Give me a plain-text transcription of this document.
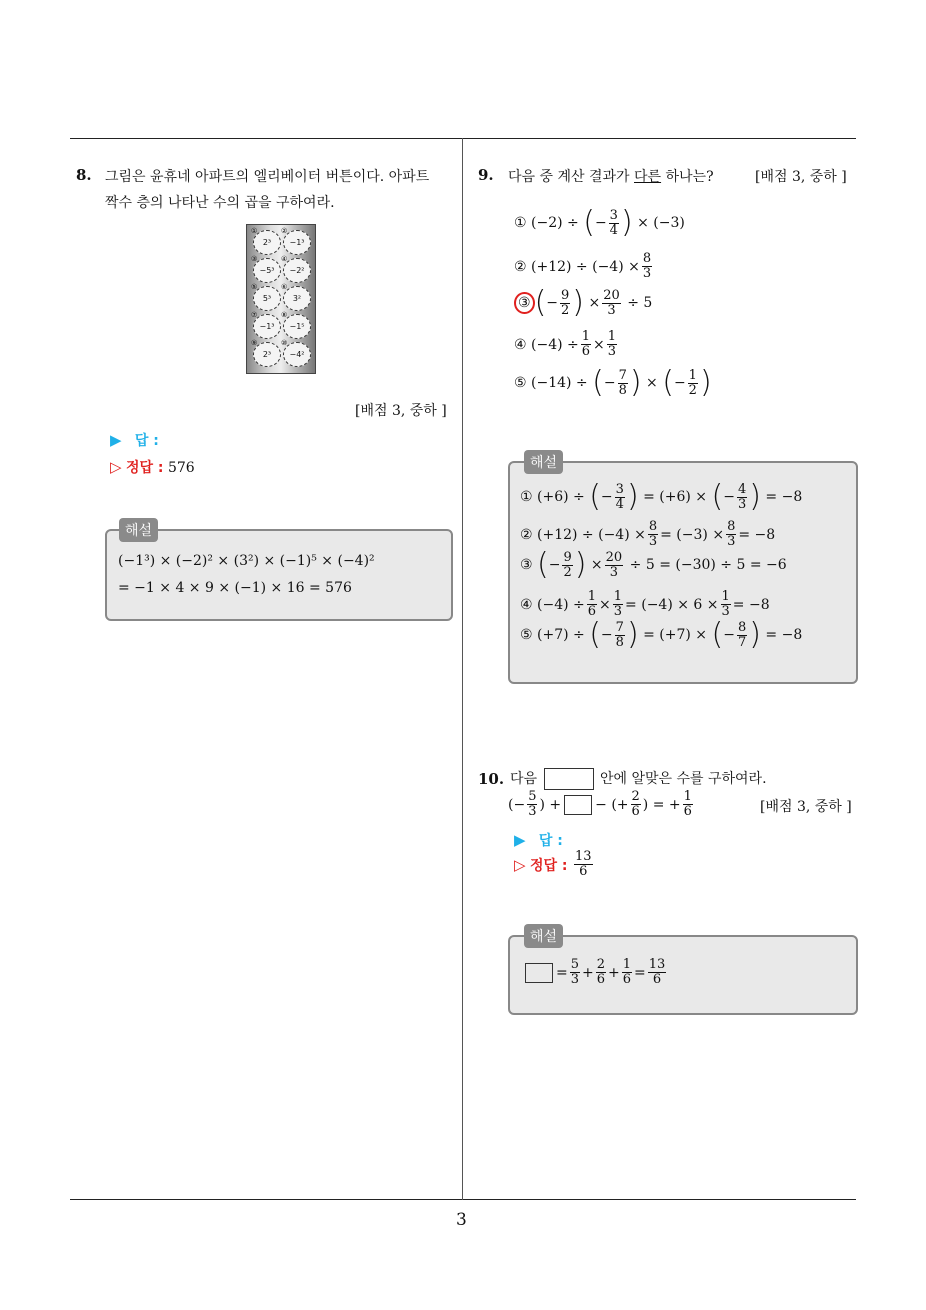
3
8. 그림은 윤휴네 아파트의 엘리베이터 버튼이다. 아파트
짝수 층의 나타난 수의 곱을 구하여라.
2³ −1³
−5³ −2²
5³	3²
−1³ −1⁵
2³ −4²
①	②
③	④
⑤	⑥
⑦	⑧
⑨	⑩
[배점 3, 중하 ]
▶ 답 :
▷ 정답 : 576
해설
(−1³) × (−2)² × (3²) × (−1)⁵ × (−4)²
= −1 × 4 × 9 × (−1) × 16 = 576
9. 다음 중 계산 결과가 다른 하나는?	[배점 3, 중하 ]
①
(−2) ÷
( − $\frac{3}{4}$ )
× (−3)
②
$(+12) \div (-4) \times \frac{8}{3}$
③ ( − $\frac{9}{2}$ ) × $\frac{20}{3}$
÷ 5
④
$(-4) \div \frac{1}{6} \times \frac{1}{3}$
⑤
(−14) ÷
( − $\frac{7}{8}$ ) × ( − $\frac{1}{2}$ )
해설
① (+6) ÷
( − $\frac{3}{4}$ )
= (+6) ×
( − $\frac{4}{3}$ )
= −8
② $(+12) \div (-4) \times \frac{8}{3} = (-3) \times \frac{8}{3} = -8$
③
( − $\frac{9}{2}$ ) × $\frac{20}{3}$
÷ 5 = (−30) ÷ 5 = −6
④ $(-4) \div \frac{1}{6} \times \frac{1}{3} = (-4) \times 6 \times \frac{1}{3} = -8$
⑤ (+7) ÷
( − $\frac{7}{8}$ )
= (+7) ×
( − $\frac{8}{7}$ )
= −8
10. 다음	안에 알맞은 수를 구하여라.
(− $\frac{5}{3}$ ) + − (+ $\frac{2}{6}$ ) = + $\frac{1}{6}$	[배점 3, 중하 ]
▶ 답 :
▷
정답 :
$\frac{13}{6}$
해설
= $\frac{5}{3} + \frac{2}{6} + \frac{1}{6} = \frac{13}{6}$
